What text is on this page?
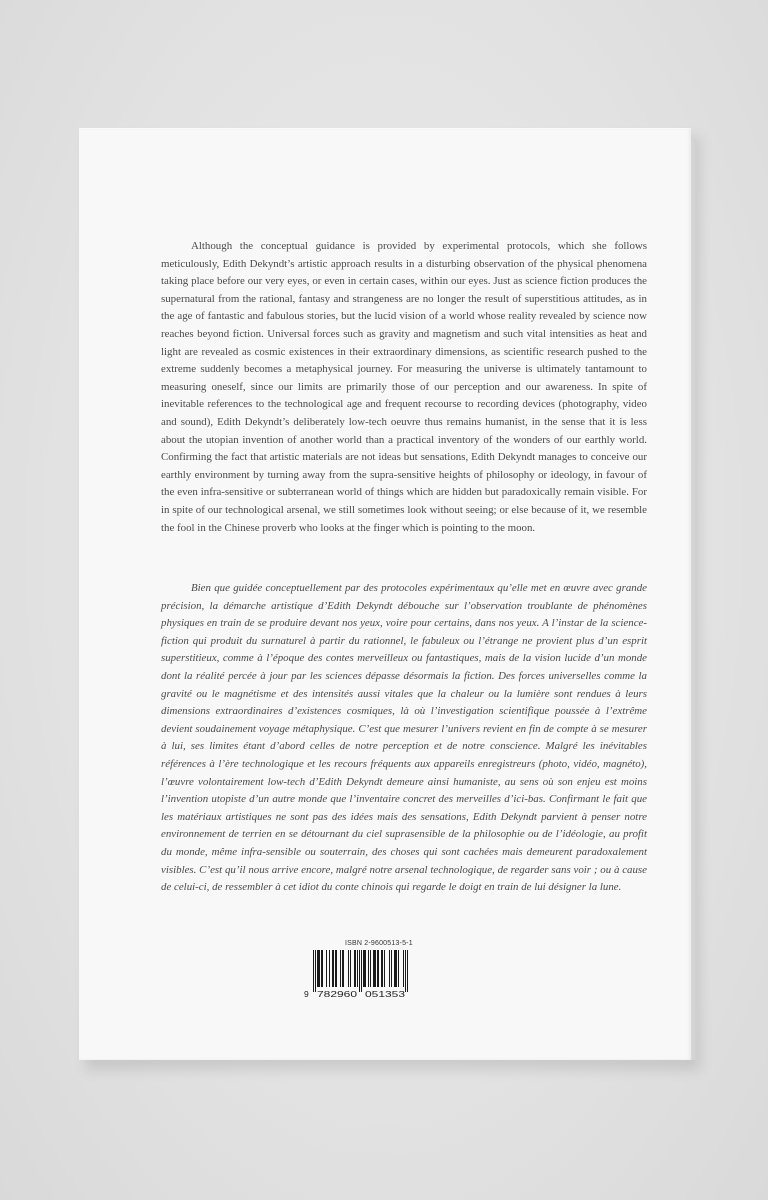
Although the conceptual guidance is provided by experimental protocols, which she follows meticulously, Edith Dekyndt’s artistic approach results in a disturbing observation of the physical phenomena taking place before our very eyes, or even in certain cases, within our eyes. Just as science fiction produces the supernatural from the rational, fantasy and strangeness are no longer the result of superstitious attitudes, as in the age of fantastic and fabulous stories, but the lucid vision of a world whose reality revealed by science now reaches beyond fiction. Universal forces such as gravity and magnetism and such vital intensities as heat and light are revealed as cosmic existences in their extraordinary dimensions, as scientific research pushed to the extreme suddenly becomes a metaphysical journey. For measuring the universe is ultimately tantamount to measuring oneself, since our limits are primarily those of our perception and our awareness. In spite of inevitable references to the technological age and frequent recourse to recording devices (photography, video and sound), Edith Dekyndt’s deliberately low-tech oeuvre thus remains humanist, in the sense that it is less about the utopian invention of another world than a practical inventory of the wonders of our earthly world. Confirming the fact that artistic materials are not ideas but sensations, Edith Dekyndt manages to conceive our earthly environment by turning away from the supra-sensitive heights of philosophy or ideology, in favour of the even infra-sensitive or subterranean world of things which are hidden but paradoxically remain visible. For in spite of our technological arsenal, we still sometimes look without seeing; or else because of it, we resemble the fool in the Chinese proverb who looks at the finger which is pointing to the moon.

Bien que guidée conceptuellement par des protocoles expérimentaux qu’elle met en œuvre avec grande précision, la démarche artistique d’Edith Dekyndt débouche sur l’observation troublante de phénomènes physiques en train de se produire devant nos yeux, voire pour certains, dans nos yeux. A l’instar de la science-fiction qui produit du surnaturel à partir du rationnel, le fabuleux ou l’étrange ne provient plus d’un esprit superstitieux, comme à l’époque des contes merveilleux ou fantastiques, mais de la vision lucide d’un monde dont la réalité percée à jour par les sciences dépasse désormais la fiction. Des forces universelles comme la gravité ou le magnétisme et des intensités aussi vitales que la chaleur ou la lumière sont rendues à leurs dimensions extraordinaires d’existences cosmiques, là où l’investigation scientifique poussée à l’extrême devient soudainement voyage métaphysique. C’est que mesurer l’univers revient en fin de compte à se mesurer à lui, ses limites étant d’abord celles de notre perception et de notre conscience. Malgré les inévitables références à l’ère technologique et les recours fréquents aux appareils enregistreurs (photo, vidéo, magnéto), l’œuvre volontairement low-tech d’Edith Dekyndt demeure ainsi humaniste, au sens où son enjeu est moins l’invention utopiste d’un autre monde que l’inventaire concret des merveilles d’ici-bas. Confirmant le fait que les matériaux artistiques ne sont pas des idées mais des sensations, Edith Dekyndt parvient à penser notre environnement de terrien en se détournant du ciel suprasensible de la philosophie ou de l’idéologie, au profit du monde, même infra-sensible ou souterrain, des choses qui sont cachées mais demeurent paradoxalement visibles. C’est qu’il nous arrive encore, malgré notre arsenal technologique, de regarder sans voir ; ou à cause de celui-ci, de ressembler à cet idiot du conte chinois qui regarde le doigt en train de lui désigner la lune.

ISBN 2-9600513-5-1
9 782960 051353
